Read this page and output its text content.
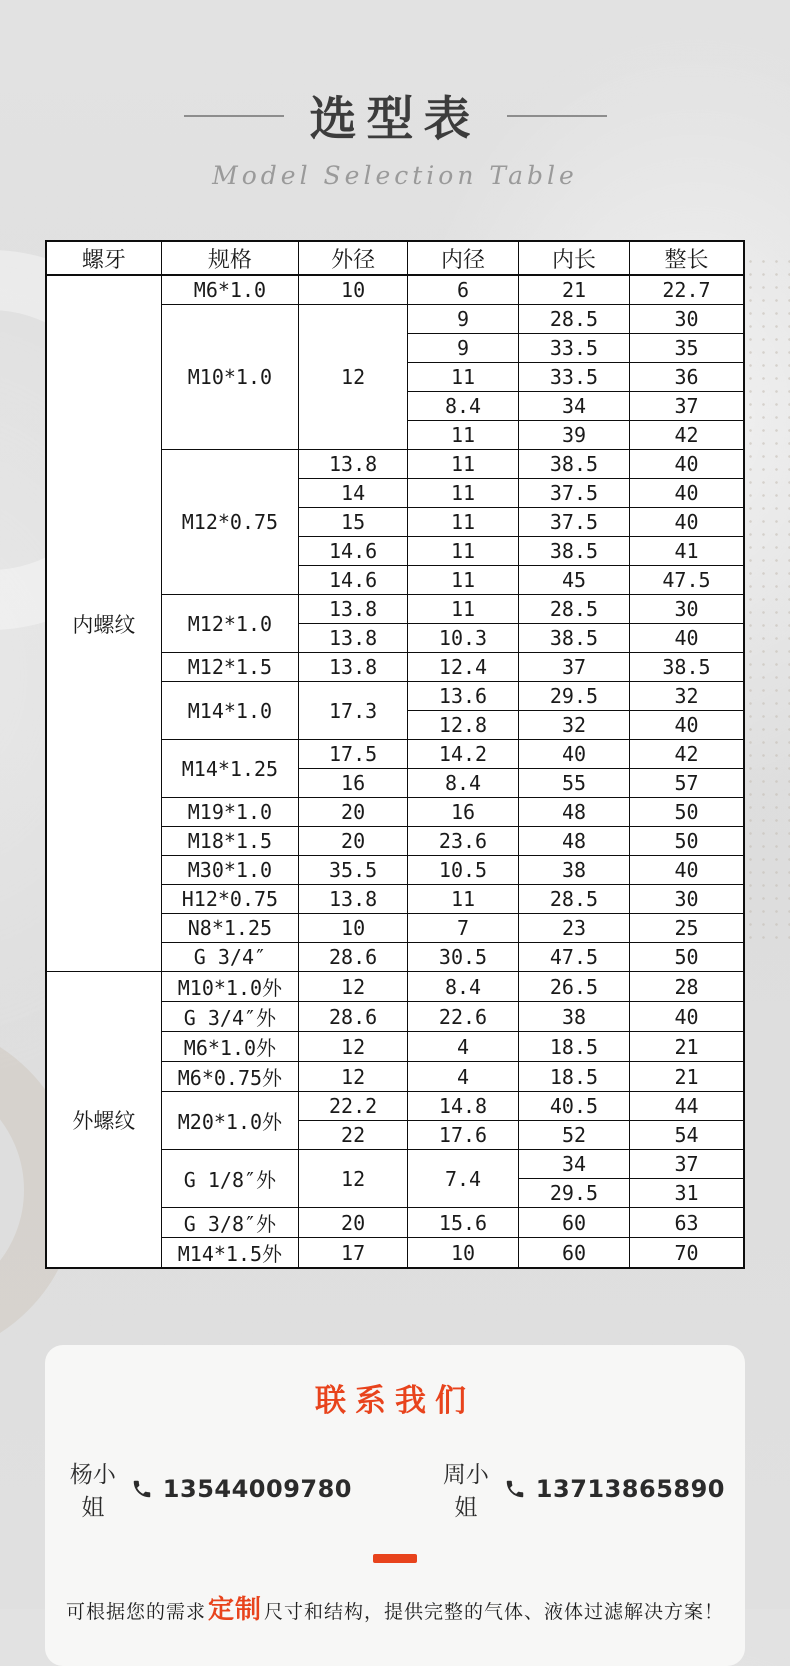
选型表
Model Selection Table
螺牙	规格	外径	内径	内长	整长
内螺纹	M6*1.0	10	6	21	22.7
	M10*1.0	12	9	28.5	30
			9	33.5	35
			11	33.5	36
			8.4	34	37
			11	39	42
	M12*0.75	13.8	11	38.5	40
		14	11	37.5	40
		15	11	37.5	40
		14.6	11	38.5	41
		14.6	11	45	47.5
	M12*1.0	13.8	11	28.5	30
		13.8	10.3	38.5	40
	M12*1.5	13.8	12.4	37	38.5
	M14*1.0	17.3	13.6	29.5	32
			12.8	32	40
	M14*1.25	17.5	14.2	40	42
		16	8.4	55	57
	M19*1.0	20	16	48	50
	M18*1.5	20	23.6	48	50
	M30*1.0	35.5	10.5	38	40
	H12*0.75	13.8	11	28.5	30
	N8*1.25	10	7	23	25
	G 3/4″	28.6	30.5	47.5	50
外螺纹	M10*1.0外	12	8.4	26.5	28
	G 3/4″外	28.6	22.6	38	40
	M6*1.0外	12	4	18.5	21
	M6*0.75外	12	4	18.5	21
	M20*1.0外	22.2	14.8	40.5	44
		22	17.6	52	54
	G 1/8″外	12	7.4	34	37
				29.5	31
	G 3/8″外	20	15.6	60	63
	M14*1.5外	17	10	60	70
联系我们
杨小姐
13544009780	周小姐
13713865890

可根据您的需求定制 尺寸和结构，提供完整的气体、液体过滤解决方案！
